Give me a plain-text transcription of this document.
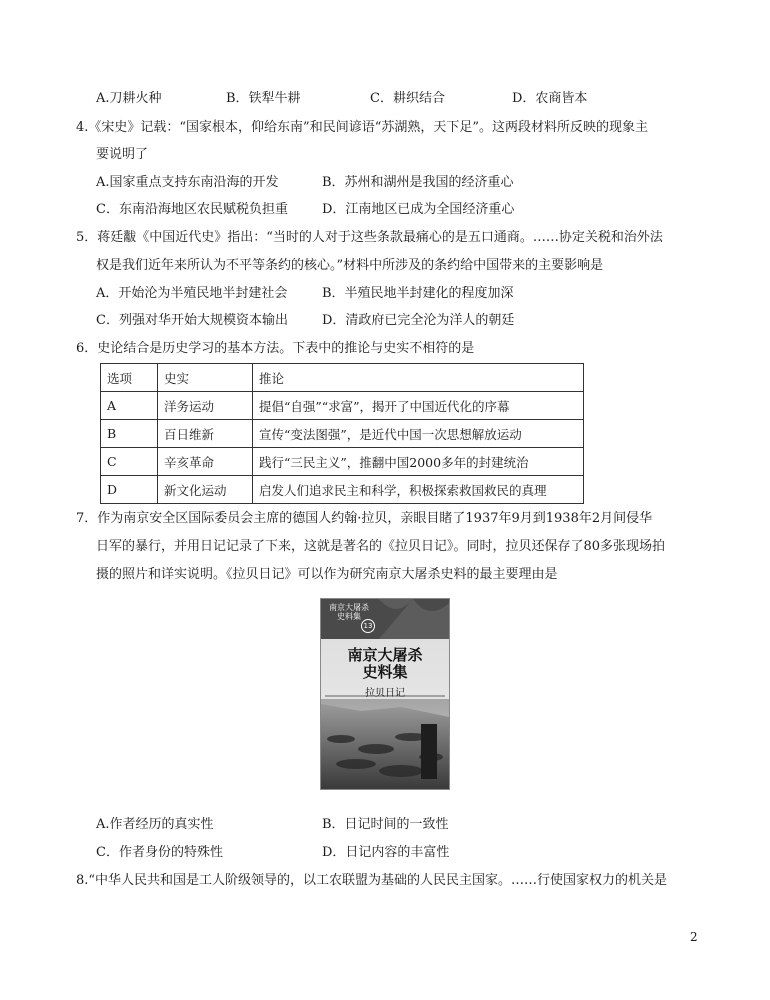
A.刀耕火种	B．铁犁牛耕	C．耕织结合	D．农商皆本
4.《宋史》记载：“国家根本，仰给东南”和民间谚语“苏湖熟，天下足”。这两段材料所反映的现象主
要说明了
A.国家重点支持东南沿海的开发	B．苏州和湖州是我国的经济重心
C．东南沿海地区农民赋税负担重	D．江南地区已成为全国经济重心
5．蒋廷黻《中国近代史》指出：“当时的人对于这些条款最痛心的是五口通商。……协定关税和治外法
权是我们近年来所认为不平等条约的核心。”材料中所涉及的条约给中国带来的主要影响是
A．开始沦为半殖民地半封建社会	B．半殖民地半封建化的程度加深
C．列强对华开始大规模资本输出	D．清政府已完全沦为洋人的朝廷
6．史论结合是历史学习的基本方法。下表中的推论与史实不相符的是
选项	史实	推论
A	洋务运动	提倡“自强”“求富”，揭开了中国近代化的序幕
B	百日维新	宣传“变法图强”，是近代中国一次思想解放运动
C	辛亥革命	践行“三民主义”，推翻中国2000多年的封建统治
D	新文化运动	启发人们追求民主和科学，积极探索救国救民的真理
7．作为南京安全区国际委员会主席的德国人约翰·拉贝，亲眼目睹了1937年9月到1938年2月间侵华
日军的暴行，并用日记记录了下来，这就是著名的《拉贝日记》。同时，拉贝还保存了80多张现场拍
摄的照片和详实说明。《拉贝日记》可以作为研究南京大屠杀史料的最主要理由是
南京大屠杀史料集
13
南京大屠杀
史料集
拉贝日记
A.作者经历的真实性	B．日记时间的一致性
C．作者身份的特殊性	D．日记内容的丰富性
8.“中华人民共和国是工人阶级领导的，以工农联盟为基础的人民民主国家。……行使国家权力的机关是
2
